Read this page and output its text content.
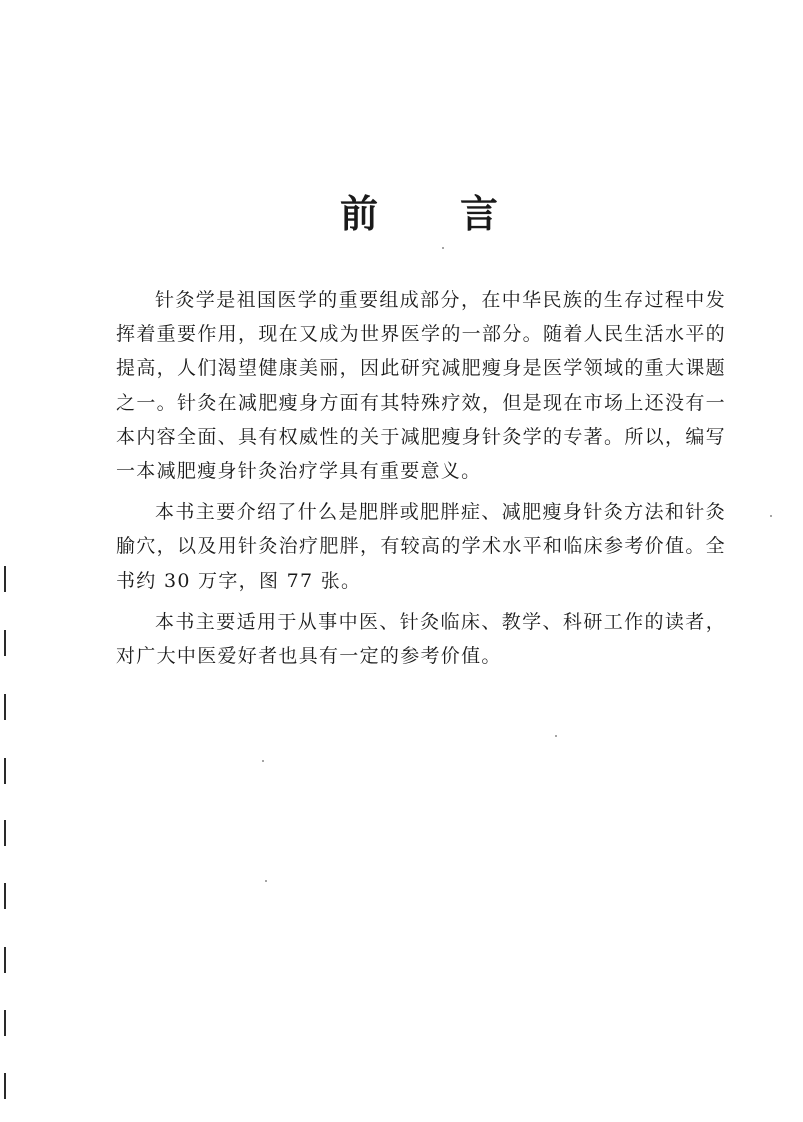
前 言

针灸学是祖国医学的重要组成部分，在中华民族的生存过程中发挥着重要作用，现在又成为世界医学的一部分。随着人民生活水平的提高，人们渴望健康美丽，因此研究减肥瘦身是医学领域的重大课题之一。针灸在减肥瘦身方面有其特殊疗效，但是现在市场上还没有一本内容全面、具有权威性的关于减肥瘦身针灸学的专著。所以，编写一本减肥瘦身针灸治疗学具有重要意义。

本书主要介绍了什么是肥胖或肥胖症、减肥瘦身针灸方法和针灸腧穴，以及用针灸治疗肥胖，有较高的学术水平和临床参考价值。全书约 30 万字，图 77 张。

本书主要适用于从事中医、针灸临床、教学、科研工作的读者，对广大中医爱好者也具有一定的参考价值。
